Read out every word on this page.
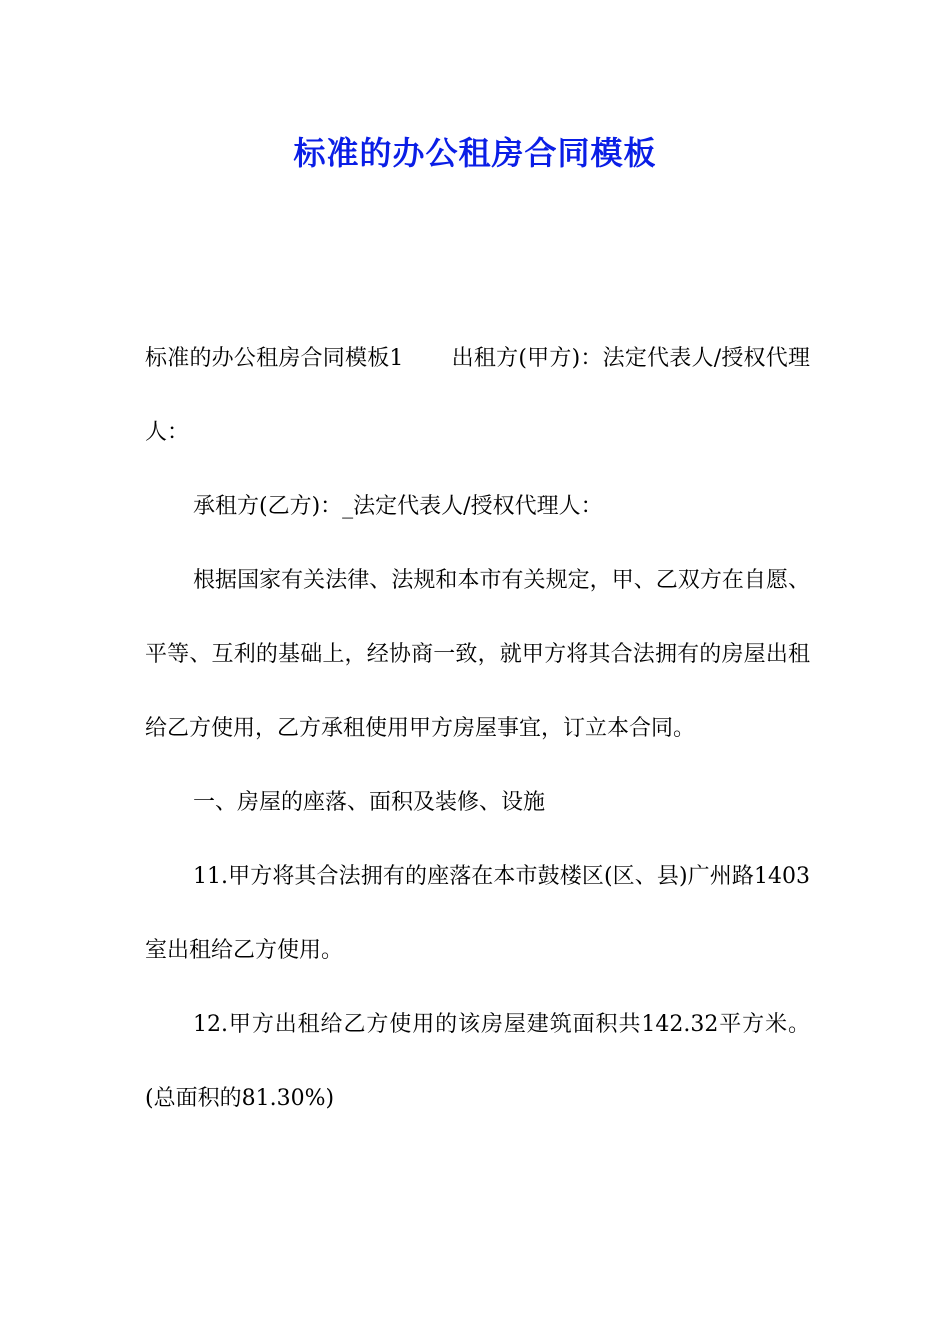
标准的办公租房合同模板

标准的办公租房合同模板1 出租方(甲方)：法定代表人/授权代理人：

承租方(乙方)：_法定代表人/授权代理人：

根据国家有关法律、法规和本市有关规定，甲、乙双方在自愿、平等、互利的基础上，经协商一致，就甲方将其合法拥有的房屋出租给乙方使用，乙方承租使用甲方房屋事宜，订立本合同。

一、房屋的座落、面积及装修、设施

11.甲方将其合法拥有的座落在本市鼓楼区(区、县)广州路1403室出租给乙方使用。

12.甲方出租给乙方使用的该房屋建筑面积共142.32平方米。(总面积的81.30%)
